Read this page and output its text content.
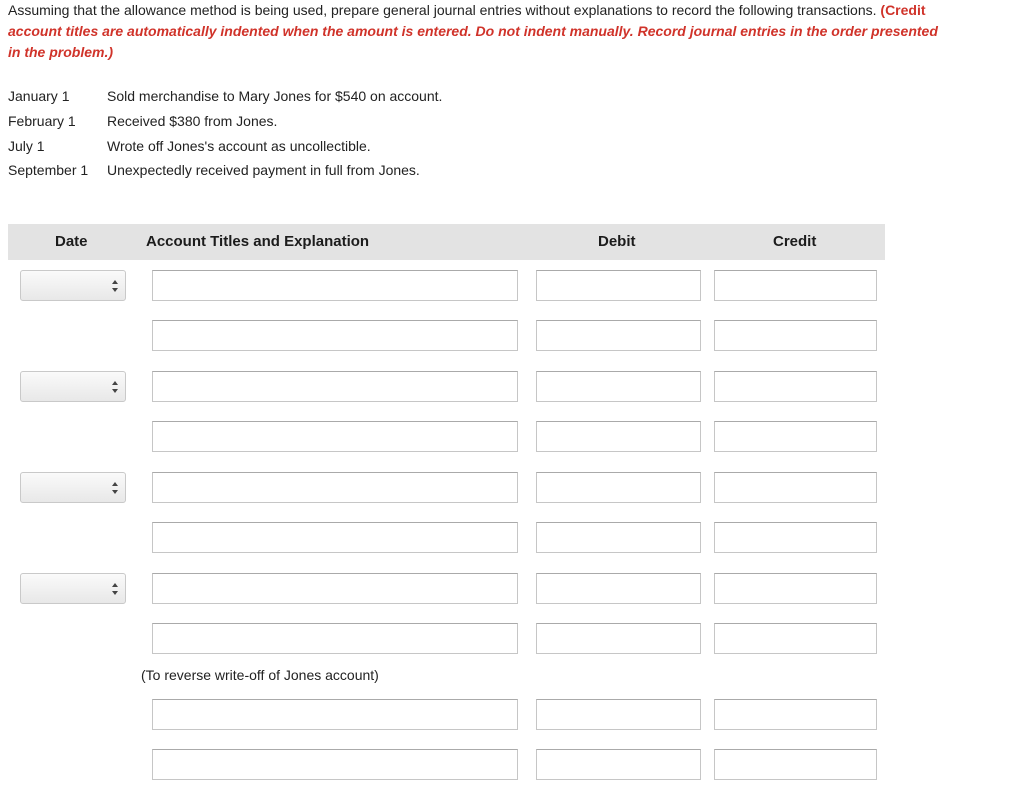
Assuming that the allowance method is being used, prepare general journal entries without explanations to record the following transactions. (Credit
account titles are automatically indented when the amount is entered. Do not indent manually. Record journal entries in the order presented
in the problem.)
January 1	Sold merchandise to Mary Jones for $540 on account.
February 1	Received $380 from Jones.
July 1	Wrote off Jones's account as uncollectible.
September 1	Unexpectedly received payment in full from Jones.
Date	Account Titles and Explanation	Debit	Credit
(To reverse write-off of Jones account)
